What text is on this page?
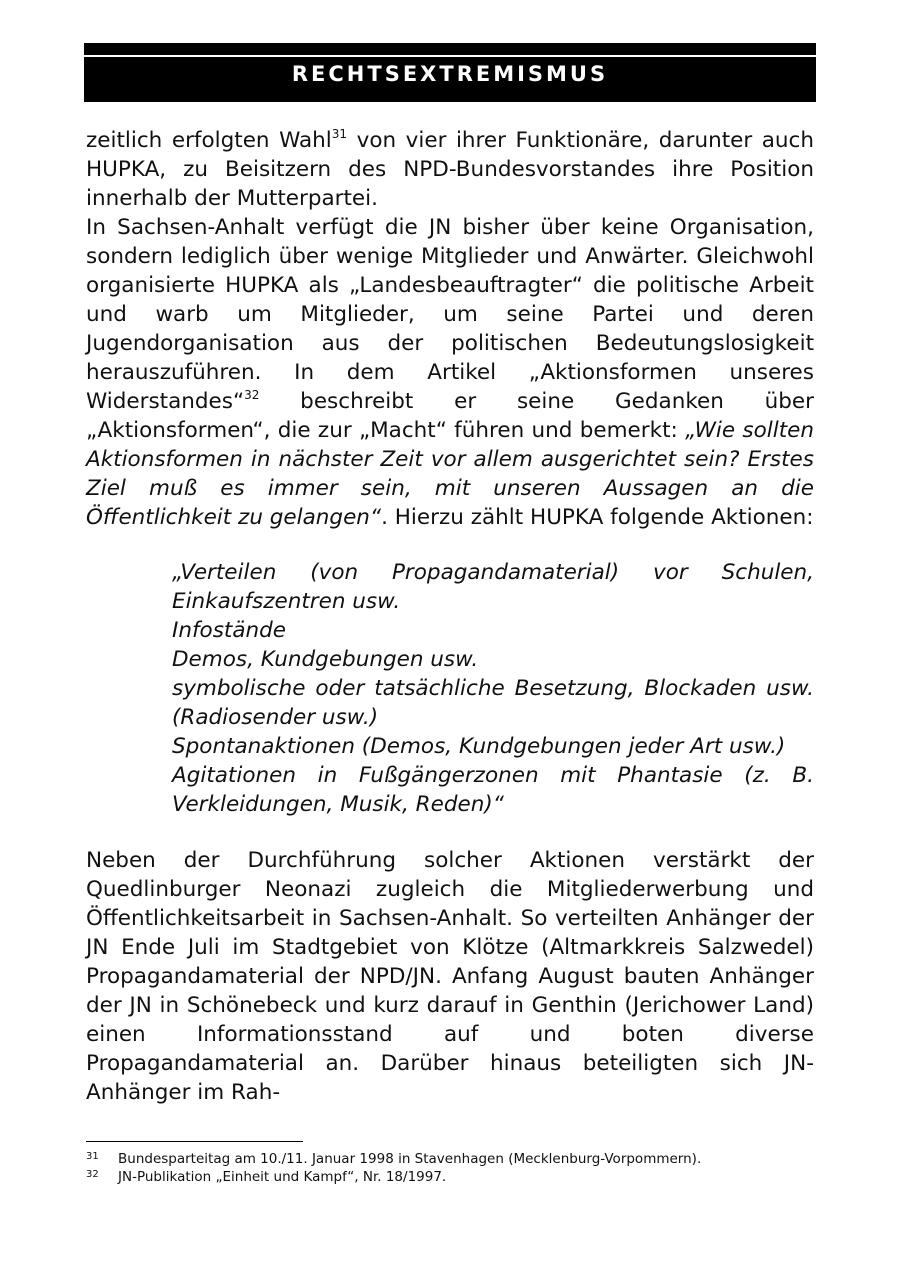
RECHTSEXTREMISMUS

zeitlich erfolgten Wahl$^{31}$ von vier ihrer Funktionäre, darunter auch HUPKA, zu Beisitzern des NPD-Bundesvorstandes ihre Position innerhalb der Mutterpartei.

In Sachsen-Anhalt verfügt die JN bisher über keine Organisation, sondern lediglich über wenige Mitglieder und Anwärter. Gleichwohl organisierte HUPKA als „Landesbeauftragter“ die politische Arbeit und warb um Mitglieder, um seine Partei und deren Jugendorganisation aus der politischen Bedeutungslosigkeit herauszuführen. In dem Artikel „Aktionsformen unseres Widerstandes“$^{32}$ beschreibt er seine Gedanken über „Aktionsformen“, die zur „Macht“ führen und bemerkt: „Wie sollten Aktionsformen in nächster Zeit vor allem ausgerichtet sein? Erstes Ziel muß es immer sein, mit unseren Aussagen an die Öffentlichkeit zu gelangen“. Hierzu zählt HUPKA folgende Aktionen:

„Verteilen (von Propagandamaterial) vor Schulen, Einkaufszentren usw.
Infostände
Demos, Kundgebungen usw.
symbolische oder tatsächliche Besetzung, Blockaden usw. (Radiosender usw.)
Spontanaktionen (Demos, Kundgebungen jeder Art usw.)
Agitationen in Fußgängerzonen mit Phantasie (z. B. Verkleidungen, Musik, Reden)“

Neben der Durchführung solcher Aktionen verstärkt der Quedlinburger Neonazi zugleich die Mitgliederwerbung und Öffentlichkeitsarbeit in Sachsen-Anhalt. So verteilten Anhänger der JN Ende Juli im Stadtgebiet von Klötze (Altmarkkreis Salzwedel) Propagandamaterial der NPD/JN. Anfang August bauten Anhänger der JN in Schönebeck und kurz darauf in Genthin (Jerichower Land) einen Informationsstand auf und boten diverse Propagandamaterial an. Darüber hinaus beteiligten sich JN-Anhänger im Rah-

31	Bundesparteitag am 10./11. Januar 1998 in Stavenhagen (Mecklenburg-Vorpommern).
32	JN-Publikation „Einheit und Kampf“, Nr. 18/1997.
